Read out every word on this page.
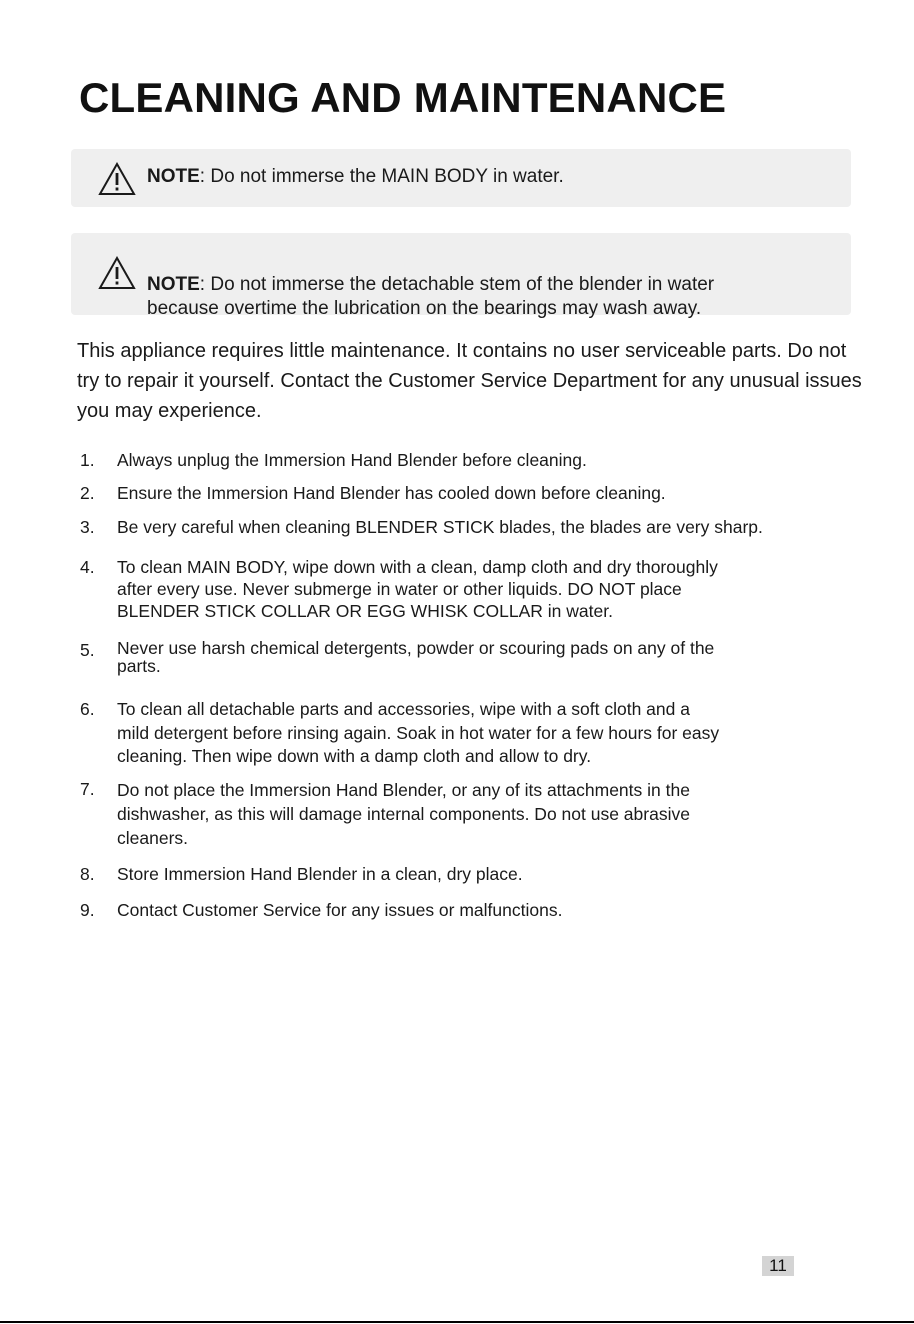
CLEANING AND MAINTENANCE
NOTE: Do not immerse the MAIN BODY in water.

NOTE: Do not immerse the detachable stem of the blender in water
because overtime the lubrication on the bearings may wash away.

This appliance requires little maintenance. It contains no user serviceable parts. Do not try to repair it yourself. Contact the Customer Service Department for any unusual issues you may experience.

1.	Always unplug the Immersion Hand Blender before cleaning.
2.	Ensure the Immersion Hand Blender has cooled down before cleaning.
3.	Be very careful when cleaning BLENDER STICK blades, the blades are very sharp.
4.	To clean MAIN BODY, wipe down with a clean, damp cloth and dry thoroughly
after every use. Never submerge in water or other liquids. DO NOT place
BLENDER STICK COLLAR OR EGG WHISK COLLAR in water.
5.	Never use harsh chemical detergents, powder or scouring pads on any of the
parts.
6.	To clean all detachable parts and accessories, wipe with a soft cloth and a
mild detergent before rinsing again. Soak in hot water for a few hours for easy
cleaning. Then wipe down with a damp cloth and allow to dry.
7.	Do not place the Immersion Hand Blender, or any of its attachments in the
dishwasher, as this will damage internal components. Do not use abrasive
cleaners.
8.	Store Immersion Hand Blender in a clean, dry place.
9.	Contact Customer Service for any issues or malfunctions.
11
